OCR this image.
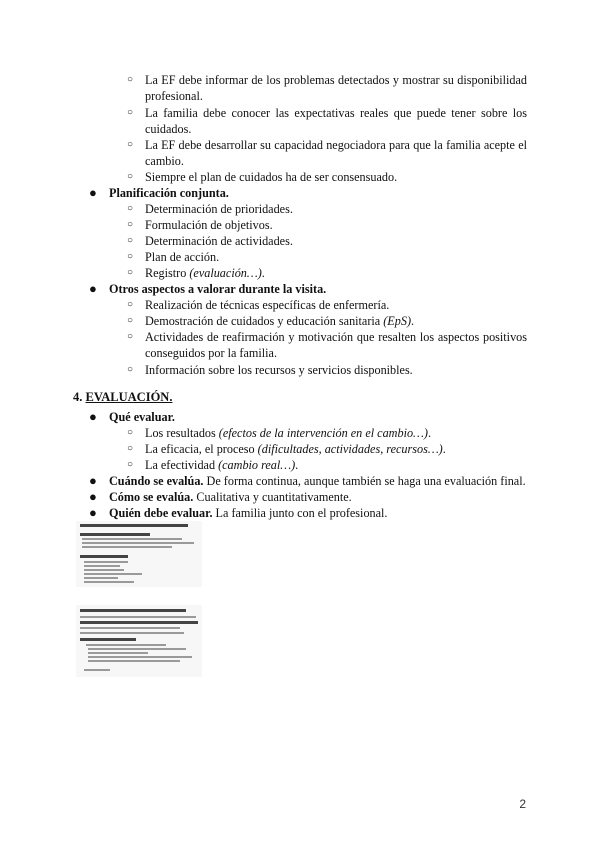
○ La EF debe informar de los problemas detectados y mostrar su disponibilidad profesional.
○ La familia debe conocer las expectativas reales que puede tener sobre los cuidados.
○ La EF debe desarrollar su capacidad negociadora para que la familia acepte el cambio.
○ Siempre el plan de cuidados ha de ser consensuado.
● Planificación conjunta.
○ Determinación de prioridades.
○ Formulación de objetivos.
○ Determinación de actividades.
○ Plan de acción.
○ Registro (evaluación…).
● Otros aspectos a valorar durante la visita.
○ Realización de técnicas específicas de enfermería.
○ Demostración de cuidados y educación sanitaria (EpS).
○ Actividades de reafirmación y motivación que resalten los aspectos positivos conseguidos por la familia.
○ Información sobre los recursos y servicios disponibles.
4. EVALUACIÓN.
● Qué evaluar.
○ Los resultados (efectos de la intervención en el cambio…).
○ La eficacia, el proceso (dificultades, actividades, recursos…).
○ La efectividad (cambio real…).
● Cuándo se evalúa. De forma continua, aunque también se haga una evaluación final.
● Cómo se evalúa. Cualitativa y cuantitativamente.
● Quién debe evaluar. La familia junto con el profesional.
2
